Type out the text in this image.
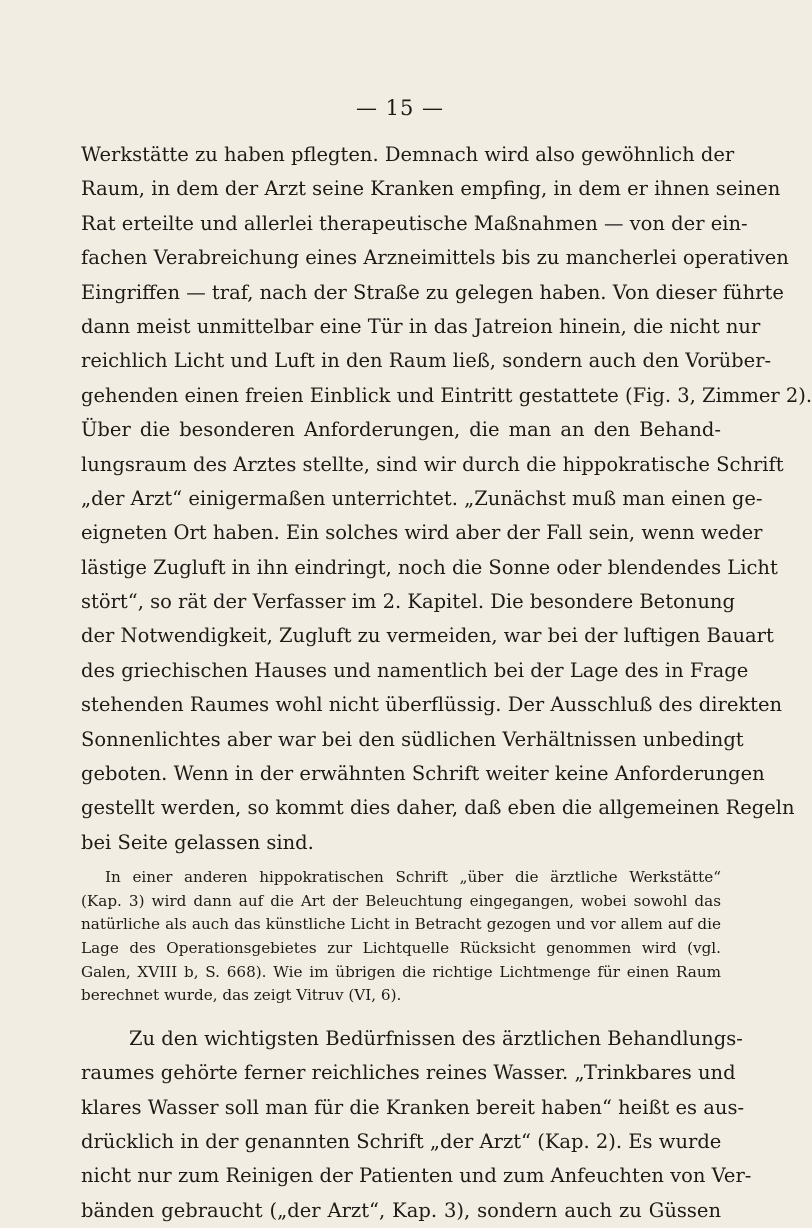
— 15 —
Werkstätte zu haben pflegten. Demnach wird also gewöhnlich der
Raum, in dem der Arzt seine Kranken empfing, in dem er ihnen seinen
Rat erteilte und allerlei therapeutische Maßnahmen — von der ein-
fachen Verabreichung eines Arzneimittels bis zu mancherlei operativen
Eingriffen — traf, nach der Straße zu gelegen haben. Von dieser führte
dann meist unmittelbar eine Tür in das Jatreion hinein, die nicht nur
reichlich Licht und Luft in den Raum ließ, sondern auch den Vorüber-
gehenden einen freien Einblick und Eintritt gestattete (Fig. 3, Zimmer 2).
Über die besonderen Anforderungen, die man an den Behand-
lungsraum des Arztes stellte, sind wir durch die hippokratische Schrift
„der Arzt“ einigermaßen unterrichtet. „Zunächst muß man einen ge-
eigneten Ort haben. Ein solches wird aber der Fall sein, wenn weder
lästige Zugluft in ihn eindringt, noch die Sonne oder blendendes Licht
stört“, so rät der Verfasser im 2. Kapitel. Die besondere Betonung
der Notwendigkeit, Zugluft zu vermeiden, war bei der luftigen Bauart
des griechischen Hauses und namentlich bei der Lage des in Frage
stehenden Raumes wohl nicht überflüssig. Der Ausschluß des direkten
Sonnenlichtes aber war bei den südlichen Verhältnissen unbedingt
geboten. Wenn in der erwähnten Schrift weiter keine Anforderungen
gestellt werden, so kommt dies daher, daß eben die allgemeinen Regeln
bei Seite gelassen sind.
In einer anderen hippokratischen Schrift „über die ärztliche Werkstätte“
(Kap. 3) wird dann auf die Art der Beleuchtung eingegangen, wobei sowohl das
natürliche als auch das künstliche Licht in Betracht gezogen und vor allem auf die
Lage des Operationsgebietes zur Lichtquelle Rücksicht genommen wird (vgl.
Galen, XVIII b, S. 668). Wie im übrigen die richtige Lichtmenge für einen Raum
berechnet wurde, das zeigt Vitruv (VI, 6).
Zu den wichtigsten Bedürfnissen des ärztlichen Behandlungs-
raumes gehörte ferner reichliches reines Wasser. „Trinkbares und
klares Wasser soll man für die Kranken bereit haben“ heißt es aus-
drücklich in der genannten Schrift „der Arzt“ (Kap. 2). Es wurde
nicht nur zum Reinigen der Patienten und zum Anfeuchten von Ver-
bänden gebraucht („der Arzt“, Kap. 3), sondern auch zu Güssen
